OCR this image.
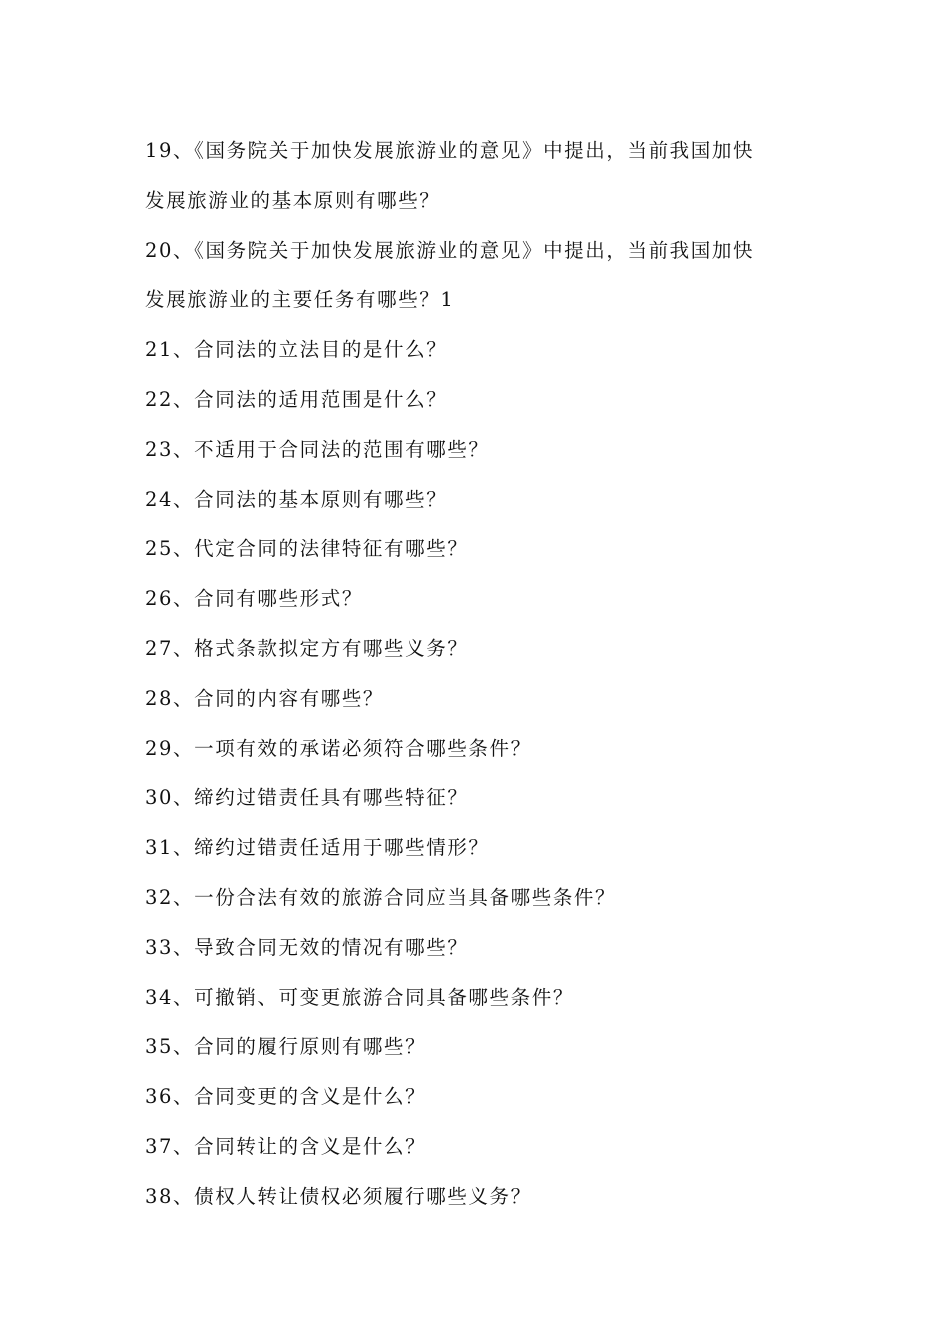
19、《国务院关于加快发展旅游业的意见》中提出，当前我国加快
发展旅游业的基本原则有哪些？
20、《国务院关于加快发展旅游业的意见》中提出，当前我国加快
发展旅游业的主要任务有哪些？1
21、合同法的立法目的是什么？
22、合同法的适用范围是什么？
23、不适用于合同法的范围有哪些？
24、合同法的基本原则有哪些？
25、代定合同的法律特征有哪些？
26、合同有哪些形式？
27、格式条款拟定方有哪些义务？
28、合同的内容有哪些？
29、一项有效的承诺必须符合哪些条件？
30、缔约过错责任具有哪些特征？
31、缔约过错责任适用于哪些情形？
32、一份合法有效的旅游合同应当具备哪些条件？
33、导致合同无效的情况有哪些？
34、可撤销、可变更旅游合同具备哪些条件？
35、合同的履行原则有哪些？
36、合同变更的含义是什么？
37、合同转让的含义是什么？
38、债权人转让债权必须履行哪些义务？
